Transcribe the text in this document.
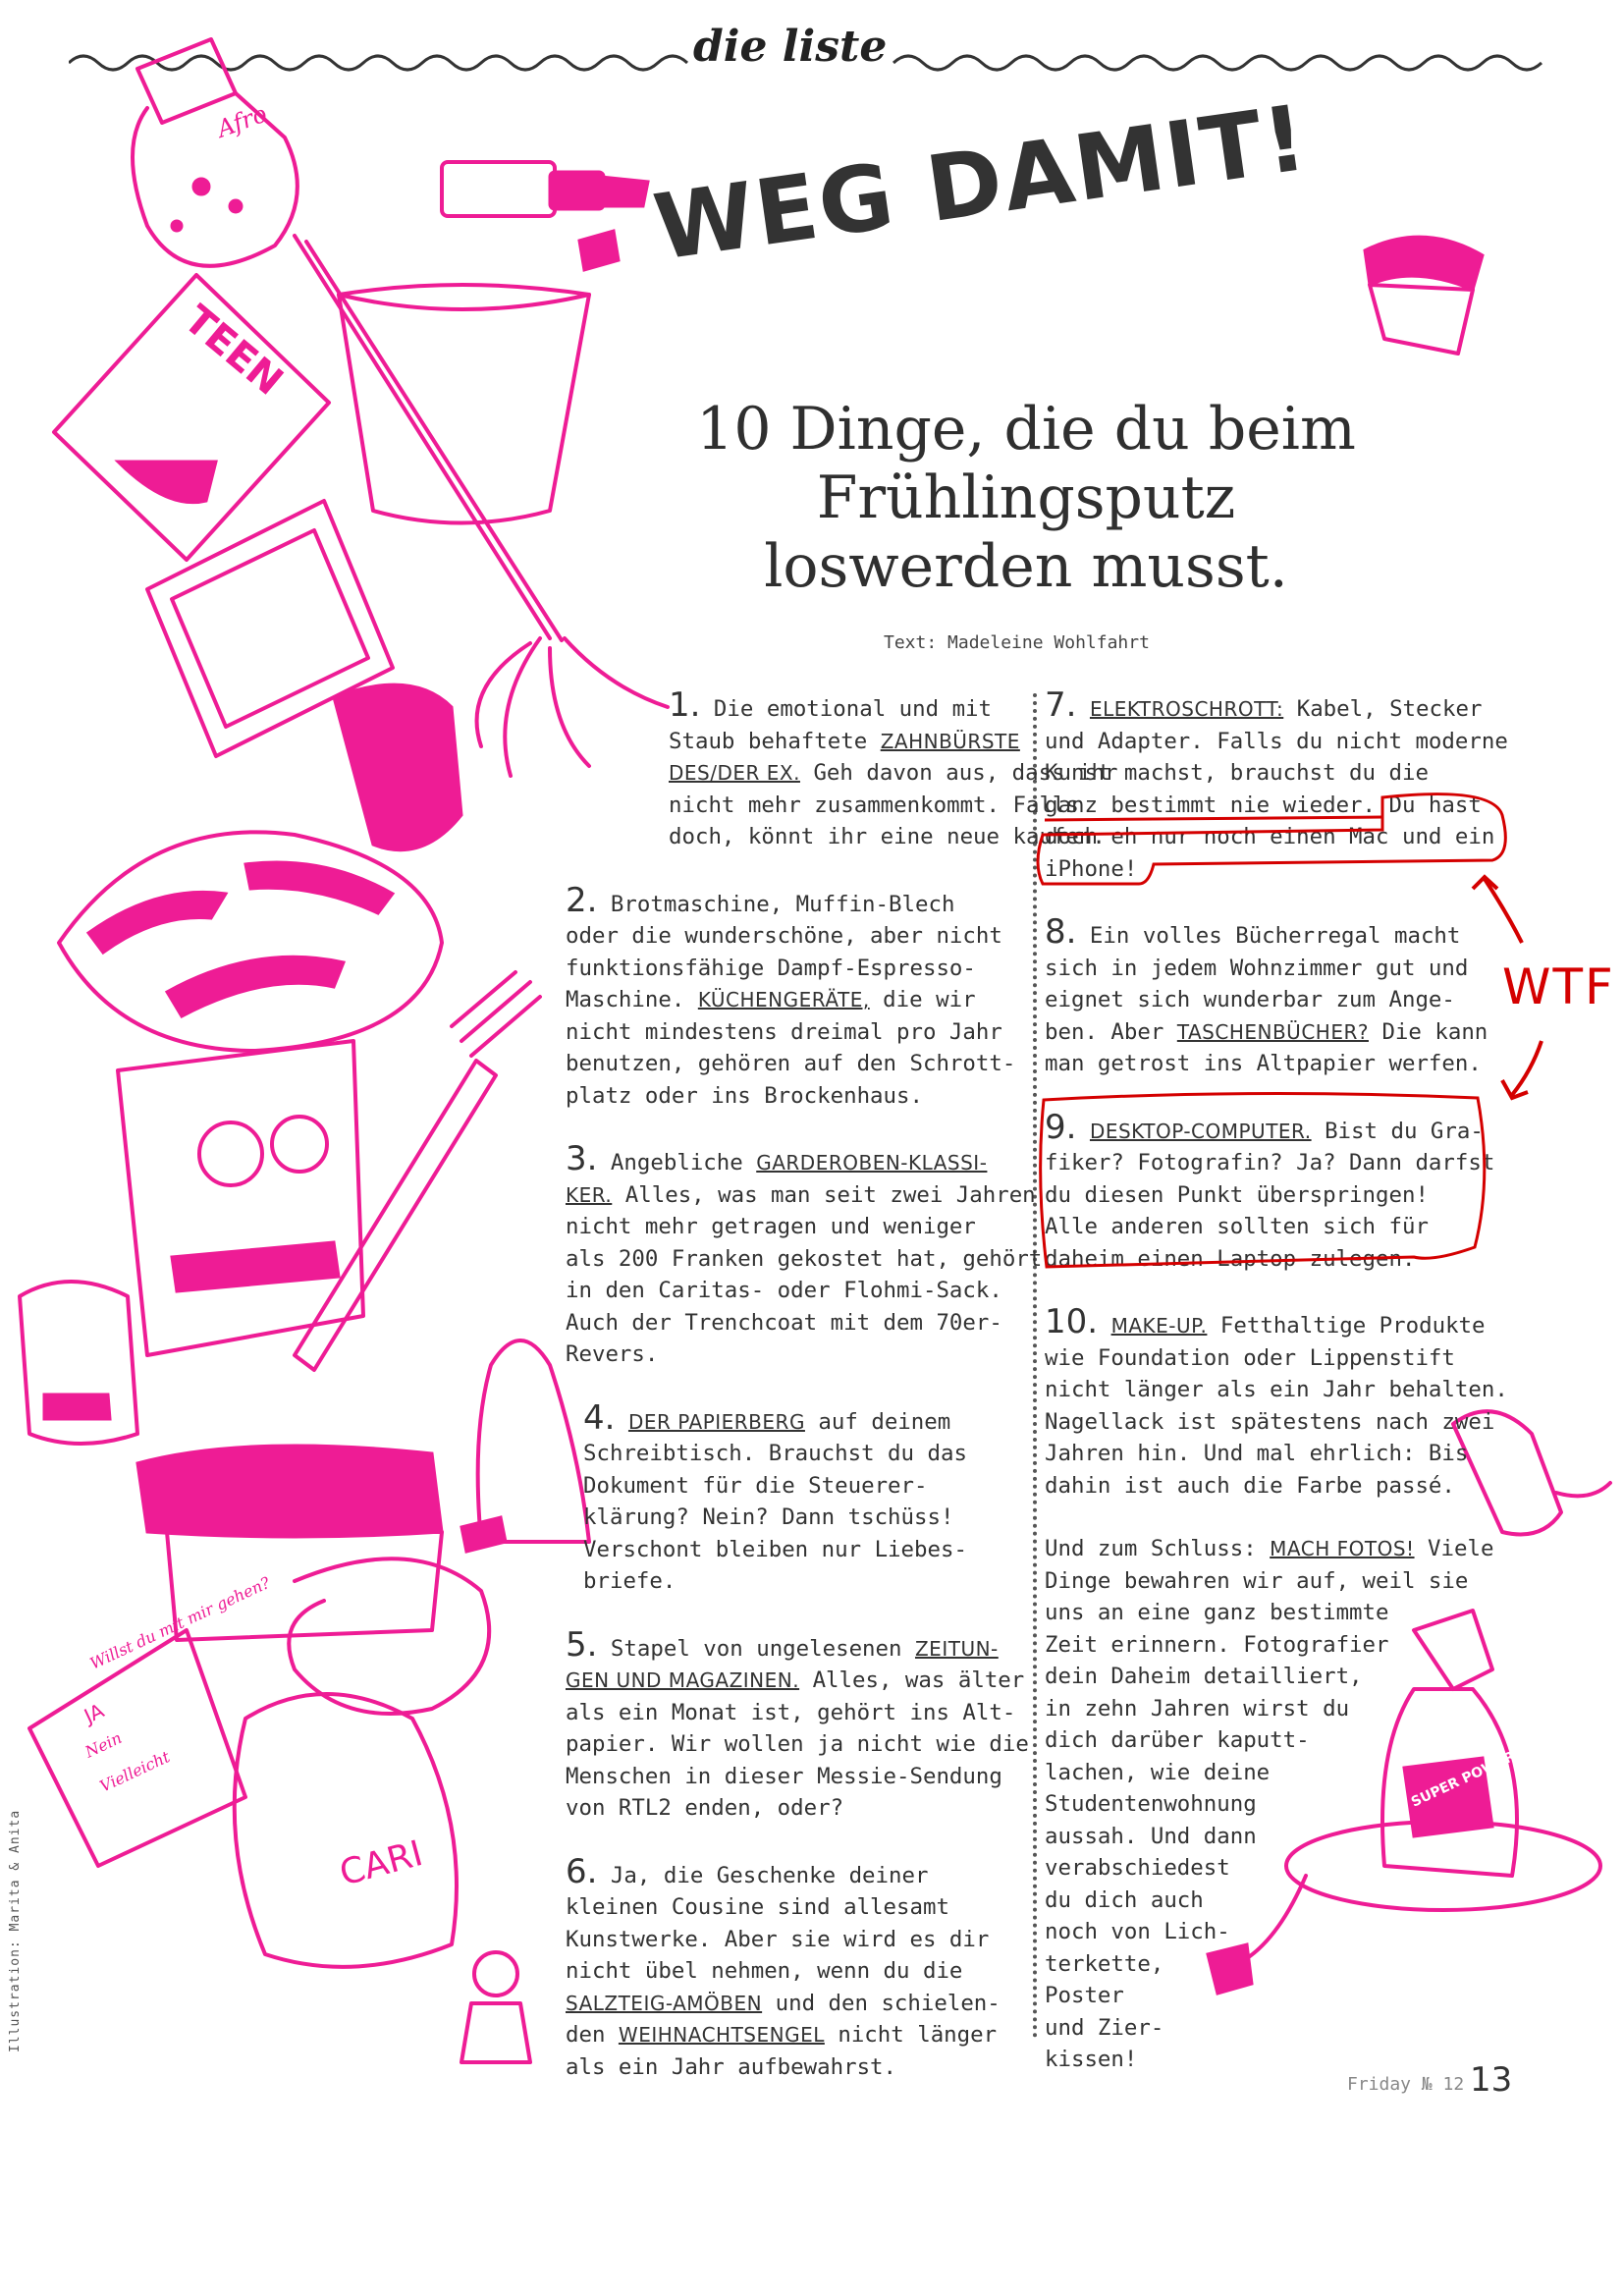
die liste
WEG DAMIT!
10 Dinge, die du beim
Frühlingsputz
loswerden musst.
Text: Madeleine Wohlfahrt
Afro
TEEN
Willst du mit mir gehen?
JA
Nein
Vielleicht
CARI
SUPER POWER
1. Die emotional und mit
Staub behaftete ZAHNBÜRSTE
DES/DER EX. Geh davon aus, dass ihr
nicht mehr zusammenkommt. Falls
doch, könnt ihr eine neue kaufen.
2. Brotmaschine, Muffin-Blech
oder die wunderschöne, aber nicht
funktionsfähige Dampf-Espresso-
Maschine. KÜCHENGERÄTE, die wir
nicht mindestens dreimal pro Jahr
benutzen, gehören auf den Schrott-
platz oder ins Brockenhaus.
3. Angebliche GARDEROBEN-KLASSI-
KER. Alles, was man seit zwei Jahren
nicht mehr getragen und weniger
als 200 Franken gekostet hat, gehört
in den Caritas- oder Flohmi-Sack.
Auch der Trenchcoat mit dem 70er-
Revers.
4. DER PAPIERBERG auf deinem
Schreibtisch. Brauchst du das
Dokument für die Steuerer-
klärung? Nein? Dann tschüss!
Verschont bleiben nur Liebes-
briefe.
5. Stapel von ungelesenen ZEITUN-
GEN UND MAGAZINEN. Alles, was älter
als ein Monat ist, gehört ins Alt-
papier. Wir wollen ja nicht wie die
Menschen in dieser Messie-Sendung
von RTL2 enden, oder?
6. Ja, die Geschenke deiner
kleinen Cousine sind allesamt
Kunstwerke. Aber sie wird es dir
nicht übel nehmen, wenn du die
SALZTEIG-AMÖBEN und den schielen-
den WEIHNACHTSENGEL nicht länger
als ein Jahr aufbewahrst.
7. ELEKTROSCHROTT: Kabel, Stecker
und Adapter. Falls du nicht moderne
Kunst machst, brauchst du die
ganz bestimmt nie wieder. Du hast
doch eh nur noch einen Mac und ein
iPhone!
8. Ein volles Bücherregal macht
sich in jedem Wohnzimmer gut und
eignet sich wunderbar zum Ange-
ben. Aber TASCHENBÜCHER? Die kann
man getrost ins Altpapier werfen.
9. DESKTOP-COMPUTER. Bist du Gra-
fiker? Fotografin? Ja? Dann darfst
du diesen Punkt überspringen!
Alle anderen sollten sich für
daheim einen Laptop zulegen.
10. MAKE-UP. Fetthaltige Produkte
wie Foundation oder Lippenstift
nicht länger als ein Jahr behalten.
Nagellack ist spätestens nach zwei
Jahren hin. Und mal ehrlich: Bis
dahin ist auch die Farbe passé.
Und zum Schluss: MACH FOTOS! Viele
Dinge bewahren wir auf, weil sie
uns an eine ganz bestimmte
Zeit erinnern. Fotografier
dein Daheim detailliert,
in zehn Jahren wirst du
dich darüber kaputt-
lachen, wie deine
Studentenwohnung
aussah. Und dann
verabschiedest
du dich auch
noch von Lich-
terkette,
Poster
und Zier-
kissen!
WTF
Friday № 12 13
Illustration: Marita & Anita
